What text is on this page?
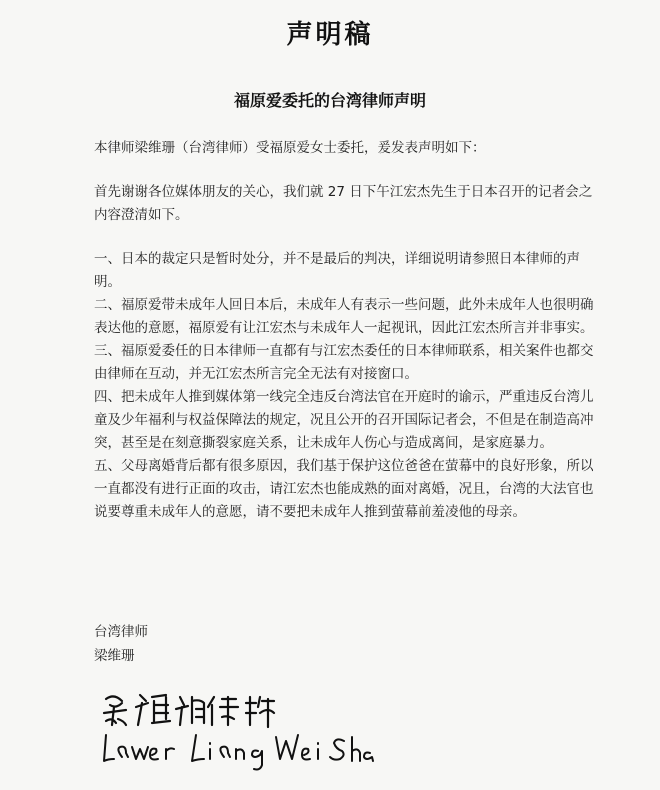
声明稿
福原爱委托的台湾律师声明

本律师梁维珊（台湾律师）受福原爱女士委托，爰发表声明如下：

首先谢谢各位媒体朋友的关心，我们就 27 日下午江宏杰先生于日本召开的记者会之内容澄清如下。

一、日本的裁定只是暂时处分，并不是最后的判决，详细说明请参照日本律师的声明。

二、福原爱带未成年人回日本后，未成年人有表示一些问题，此外未成年人也很明确表达他的意愿，福原爱有让江宏杰与未成年人一起视讯，因此江宏杰所言并非事实。

三、福原爱委任的日本律师一直都有与江宏杰委任的日本律师联系，相关案件也都交由律师在互动，并无江宏杰所言完全无法有对接窗口。

四、把未成年人推到媒体第一线完全违反台湾法官在开庭时的谕示，严重违反台湾儿童及少年福利与权益保障法的规定，况且公开的召开国际记者会，不但是在制造高冲突，甚至是在刻意撕裂家庭关系，让未成年人伤心与造成离间，是家庭暴力。

五、父母离婚背后都有很多原因，我们基于保护这位爸爸在萤幕中的良好形象，所以一直都没有进行正面的攻击，请江宏杰也能成熟的面对离婚，况且，台湾的大法官也说要尊重未成年人的意愿，请不要把未成年人推到萤幕前羞凌他的母亲。

台湾律师
梁维珊
